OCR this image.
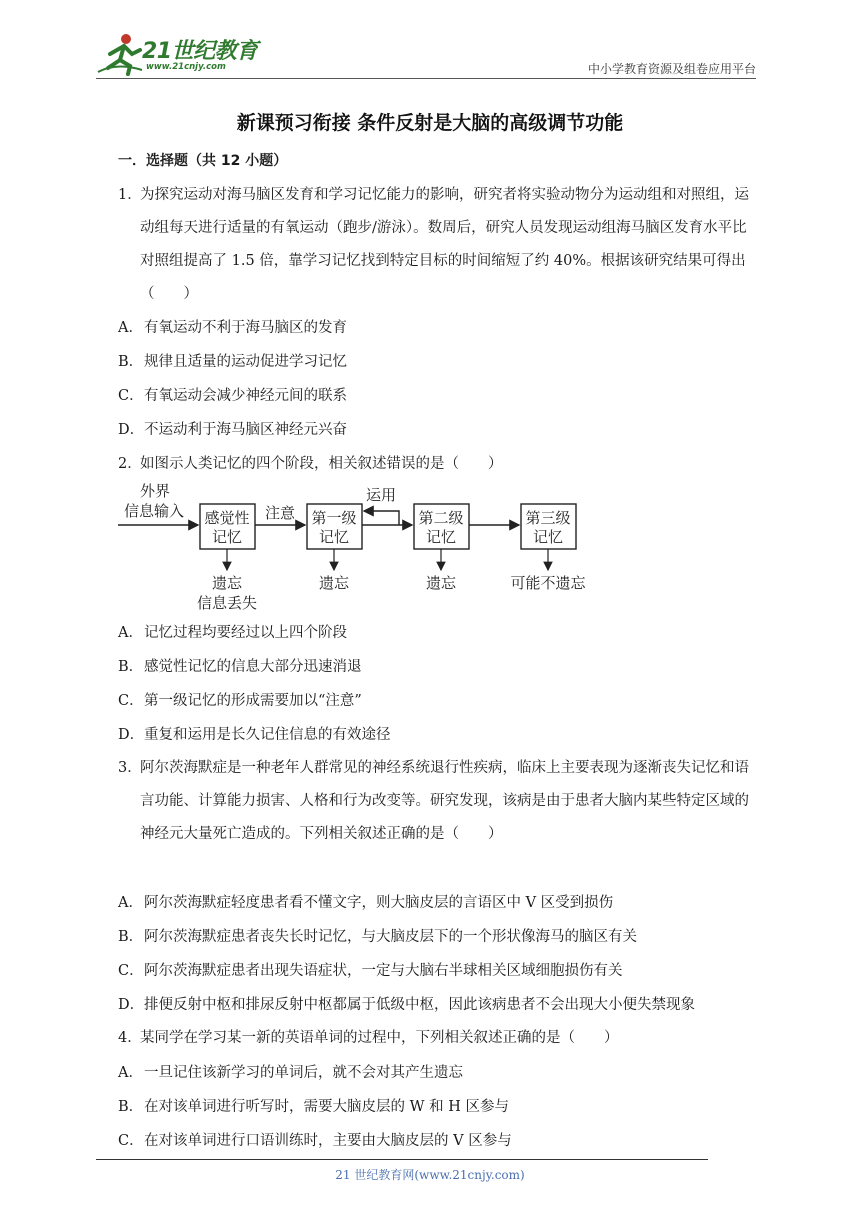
21世纪教育
www.21cnjy.com	中小学教育资源及组卷应用平台
新课预习衔接 条件反射是大脑的高级调节功能
一．选择题（共 12 小题）
1．
为探究运动对海马脑区发育和学习记忆能力的影响，研究者将实验动物分为运动组和对照组，运
动组每天进行适量的有氧运动（跑步/游泳）。数周后，研究人员发现运动组海马脑区发育水平比
对照组提高了 1.5 倍，靠学习记忆找到特定目标的时间缩短了约 40%。根据该研究结果可得出
（　　）
A．有氧运动不利于海马脑区的发育
B．规律且适量的运动促进学习记忆
C．有氧运动会减少神经元间的联系
D．不运动利于海马脑区神经元兴奋
2．
如图示人类记忆的四个阶段，相关叙述错误的是（　　）
外界
信息输入 感觉性
记忆
注意 第一级
记忆
运用
第二级
记忆
第三级
记忆
遗忘
信息丢失
遗忘	遗忘	可能不遗忘
A．记忆过程均要经过以上四个阶段
B．感觉性记忆的信息大部分迅速消退
C．第一级记忆的形成需要加以“注意”
D．重复和运用是长久记住信息的有效途径
3．
阿尔茨海默症是一种老年人群常见的神经系统退行性疾病，临床上主要表现为逐渐丧失记忆和语
言功能、计算能力损害、人格和行为改变等。研究发现，该病是由于患者大脑内某些特定区域的
神经元大量死亡造成的。下列相关叙述正确的是（　　）
A．阿尔茨海默症轻度患者看不懂文字，则大脑皮层的言语区中 V 区受到损伤
B．阿尔茨海默症患者丧失长时记忆，与大脑皮层下的一个形状像海马的脑区有关
C．阿尔茨海默症患者出现失语症状，一定与大脑右半球相关区域细胞损伤有关
D．排便反射中枢和排尿反射中枢都属于低级中枢，因此该病患者不会出现大小便失禁现象
4．
某同学在学习某一新的英语单词的过程中，下列相关叙述正确的是（　　）
A．一旦记住该新学习的单词后，就不会对其产生遗忘
B．在对该单词进行听写时，需要大脑皮层的 W 和 H 区参与
C．在对该单词进行口语训练时，主要由大脑皮层的 V 区参与
21 世纪教育网(www.21cnjy.com)
